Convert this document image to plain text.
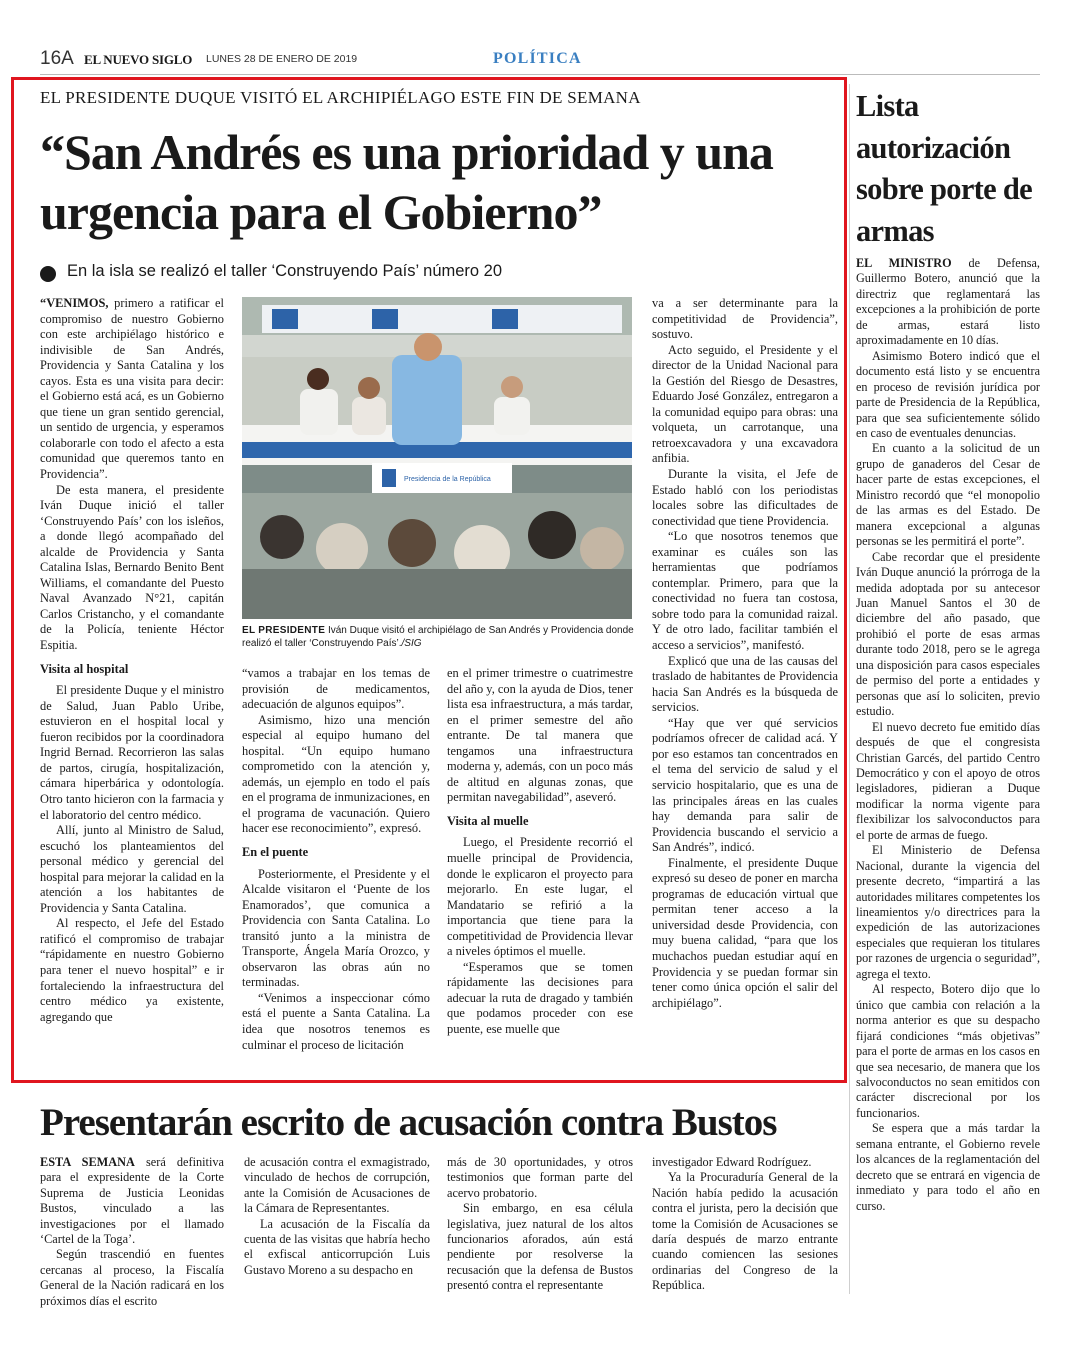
16A EL NUEVO SIGLO LUNES 28 DE ENERO DE 2019	POLÍTICA
EL PRESIDENTE DUQUE VISITÓ EL ARCHIPIÉLAGO ESTE FIN DE SEMANA
“San Andrés es una prioridad y una urgencia para el Gobierno”
En la isla se realizó el taller ‘Construyendo País’ número 20

“VENIMOS, primero a ratificar el compromiso de nuestro Gobierno con este archipiélago histórico e indivisible de San Andrés, Providencia y Santa Catalina y los cayos. Esta es una visita para decir: el Gobierno está acá, es un Gobierno que tiene un gran sentido gerencial, un sentido de urgencia, y esperamos colaborarle con todo el afecto a esta comunidad que queremos tanto en Providencia”.

De esta manera, el presidente Iván Duque inició el taller ‘Construyendo País’ con los isleños, a donde llegó acompañado del alcalde de Providencia y Santa Catalina Islas, Bernardo Benito Bent Williams, el comandante del Puesto Naval Avanzado N°21, capitán Carlos Cristancho, y el comandante de la Policía, teniente Héctor Espitia.

Visita al hospital

El presidente Duque y el ministro de Salud, Juan Pablo Uribe, estuvieron en el hospital local y fueron recibidos por la coordinadora Ingrid Bernad. Recorrieron las salas de partos, cirugía, hospitalización, cámara hiperbárica y odontología. Otro tanto hicieron con la farmacia y el laboratorio del centro médico.

Allí, junto al Ministro de Salud, escuchó los planteamientos del personal médico y gerencial del hospital para mejorar la calidad en la atención a los habitantes de Providencia y Santa Catalina.

Al respecto, el Jefe del Estado ratificó el compromiso de trabajar “rápidamente en nuestro Gobierno para tener el nuevo hospital” e ir fortaleciendo la infraestructura del centro médico ya existente, agregando que

Presidencia de la República
EL PRESIDENTE Iván Duque visitó el archipiélago de San Andrés y Providencia donde realizó el taller ‘Construyendo País’./SIG

“vamos a trabajar en los temas de provisión de medicamentos, adecuación de algunos equipos”.

Asimismo, hizo una mención especial al equipo humano del hospital. “Un equipo humano comprometido con la atención y, además, un ejemplo en todo el país en el programa de inmunizaciones, en el programa de vacunación. Quiero hacer ese reconocimiento”, expresó.

En el puente

Posteriormente, el Presidente y el Alcalde visitaron el ‘Puente de los Enamorados’, que comunica a Providencia con Santa Catalina. Lo transitó junto a la ministra de Transporte, Ángela María Orozco, y observaron las obras aún no terminadas.

“Venimos a inspeccionar cómo está el puente a Santa Catalina. La idea que nosotros tenemos es culminar el proceso de licitación

en el primer trimestre o cuatrimestre del año y, con la ayuda de Dios, tener lista esa infraestructura, a más tardar, en el primer semestre del año entrante. De tal manera que tengamos una infraestructura moderna y, además, con un poco más de altitud en algunas zonas, que permitan navegabilidad”, aseveró.

Visita al muelle

Luego, el Presidente recorrió el muelle principal de Providencia, donde le explicaron el proyecto para mejorarlo. En este lugar, el Mandatario se refirió a la importancia que tiene para la competitividad de Providencia llevar a niveles óptimos el muelle.

“Esperamos que se tomen rápidamente las decisiones para adecuar la ruta de dragado y también que podamos proceder con ese puente, ese muelle que

va a ser determinante para la competitividad de Providencia”, sostuvo.

Acto seguido, el Presidente y el director de la Unidad Nacional para la Gestión del Riesgo de Desastres, Eduardo José González, entregaron a la comunidad equipo para obras: una volqueta, un carrotanque, una retroexcavadora y una excavadora anfibia.

Durante la visita, el Jefe de Estado habló con los periodistas locales sobre las dificultades de conectividad que tiene Providencia.

“Lo que nosotros tenemos que examinar es cuáles son las herramientas que podríamos contemplar. Primero, para que la conectividad no fuera tan costosa, sobre todo para la comunidad raizal. Y de otro lado, facilitar también el acceso a servicios”, manifestó.

Explicó que una de las causas del traslado de habitantes de Providencia hacia San Andrés es la búsqueda de servicios.

“Hay que ver qué servicios podríamos ofrecer de calidad acá. Y por eso estamos tan concentrados en el tema del servicio de salud y el servicio hospitalario, que es una de las principales áreas en las cuales hay demanda para salir de Providencia buscando el servicio a San Andrés”, indicó.

Finalmente, el presidente Duque expresó su deseo de poner en marcha programas de educación virtual que permitan tener acceso a la universidad desde Providencia, con muy buena calidad, “para que los muchachos puedan estudiar aquí en Providencia y se puedan formar sin tener como única opción el salir del archipiélago”.

Presentarán escrito de acusación contra Bustos

ESTA SEMANA será definitiva para el expresidente de la Corte Suprema de Justicia Leonidas Bustos, vinculado a las investigaciones por el llamado ‘Cartel de la Toga’.

Según trascendió en fuentes cercanas al proceso, la Fiscalía General de la Nación radicará en los próximos días el escrito

de acusación contra el exmagistrado, vinculado de hechos de corrupción, ante la Comisión de Acusaciones de la Cámara de Representantes.

La acusación de la Fiscalía da cuenta de las visitas que habría hecho el exfiscal anticorrupción Luis Gustavo Moreno a su despacho en

más de 30 oportunidades, y otros testimonios que forman parte del acervo probatorio.

Sin embargo, en esa célula legislativa, juez natural de los altos funcionarios aforados, aún está pendiente por resolverse la recusación que la defensa de Bustos presentó contra el representante

investigador Edward Rodríguez.

Ya la Procuraduría General de la Nación había pedido la acusación contra el jurista, pero la decisión que tome la Comisión de Acusaciones se daría después de marzo entrante cuando comiencen las sesiones ordinarias del Congreso de la República.

Lista autorización sobre porte de armas

EL MINISTRO de Defensa, Guillermo Botero, anunció que la directriz que reglamentará las excepciones a la prohibición de porte de armas, estará listo aproximadamente en 10 días.

Asimismo Botero indicó que el documento está listo y se encuentra en proceso de revisión jurídica por parte de Presidencia de la República, para que sea suficientemente sólido en caso de eventuales denuncias.

En cuanto a la solicitud de un grupo de ganaderos del Cesar de hacer parte de estas excepciones, el Ministro recordó que “el monopolio de las armas es del Estado. De manera excepcional a algunas personas se les permitirá el porte”.

Cabe recordar que el presidente Iván Duque anunció la prórroga de la medida adoptada por su antecesor Juan Manuel Santos el 30 de diciembre del año pasado, que prohibió el porte de esas armas durante todo 2018, pero se le agrega una disposición para casos especiales de permiso del porte a entidades y personas que así lo soliciten, previo estudio.

El nuevo decreto fue emitido días después de que el congresista Christian Garcés, del partido Centro Democrático y con el apoyo de otros legisladores, pidieran a Duque modificar la norma vigente para flexibilizar los salvoconductos para el porte de armas de fuego.

El Ministerio de Defensa Nacional, durante la vigencia del presente decreto, “impartirá a las autoridades militares competentes los lineamientos y/o directrices para la expedición de las autorizaciones especiales que requieran los titulares por razones de urgencia o seguridad”, agrega el texto.

Al respecto, Botero dijo que lo único que cambia con relación a la norma anterior es que su despacho fijará condiciones “más objetivas” para el porte de armas en los casos en que sea necesario, de manera que los salvoconductos no sean emitidos con carácter discrecional por los funcionarios.

Se espera que a más tardar la semana entrante, el Gobierno revele los alcances de la reglamentación del decreto que se entrará en vigencia de inmediato y para todo el año en curso.
